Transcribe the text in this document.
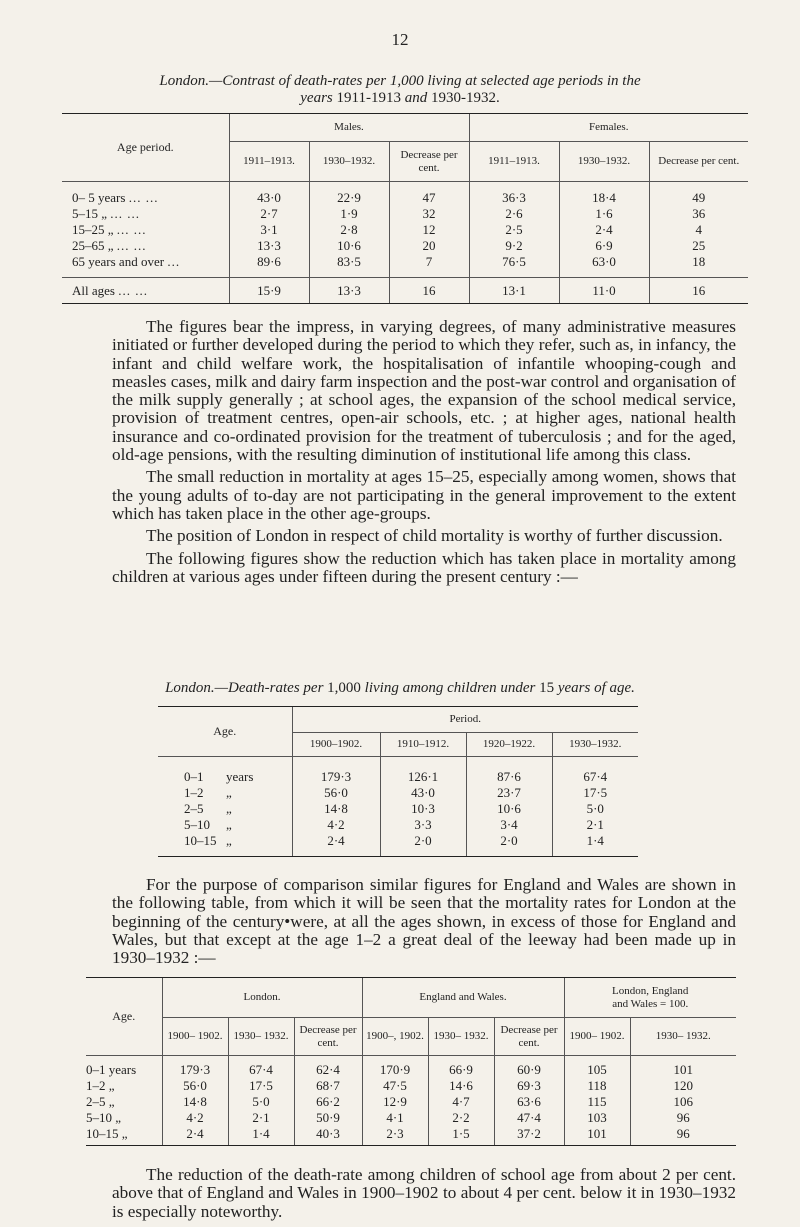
12
London.—Contrast of death-rates per 1,000 living at selected age periods in the
years 1911-1913 and 1930-1932.
Age period.	Males.			Females.		
	1911–1913.	1930–1932.	Decrease per cent.	1911–1913.	1930–1932.	Decrease per cent.

0– 5 years ... ...	43·0	22·9	47	36·3	18·4	49
5–15 „ ... ...	2·7	1·9	32	2·6	1·6	36
15–25 „ ... ...	3·1	2·8	12	2·5	2·4	4
25–65 „ ... ...	13·3	10·6	20	9·2	6·9	25
65 years and over ...	89·6	83·5	7	76·5	63·0	18

All ages ... ...	15·9	13·3	16	13·1	11·0	16

The figures bear the impress, in varying degrees, of many administrative measures initiated or further developed during the period to which they refer, such as, in infancy, the infant and child welfare work, the hospitalisation of infantile whooping-cough and measles cases, milk and dairy farm inspection and the post-war control and organisation of the milk supply generally ; at school ages, the expansion of the school medical service, provision of treatment centres, open-air schools, etc. ; at higher ages, national health insurance and co-ordinated provision for the treatment of tuberculosis ; and for the aged, old-age pensions, with the resulting diminution of institutional life among this class.

The small reduction in mortality at ages 15–25, especially among women, shows that the young adults of to-day are not participating in the general improvement to the extent which has taken place in the other age-groups.

The position of London in respect of child mortality is worthy of further discussion.

The following figures show the reduction which has taken place in mortality among children at various ages under fifteen during the present century :—

London.—Death-rates per 1,000 living among children under 15 years of age.
Age.	Period.			
	1900–1902.	1910–1912.	1920–1922.	1930–1932.

0–1 years	179·3	126·1	87·6	67·4
1–2 „	56·0	43·0	23·7	17·5
2–5 „	14·8	10·3	10·6	5·0
5–10 „	4·2	3·3	3·4	2·1
10–15 „	2·4	2·0	2·0	1·4

For the purpose of comparison similar figures for England and Wales are shown in the following table, from which it will be seen that the mortality rates for London at the beginning of the century•were, at all the ages shown, in excess of those for England and Wales, but that except at the age 1–2 a great deal of the leeway had been made up in 1930–1932 :—

Age.	London.			England and Wales.			London, England
and Wales = 100.	

	1900– 1902.	1930– 1932.	Decrease per cent.	1900–, 1902.	1930– 1932.	Decrease per cent.	1900– 1902.	1930– 1932.

0–1 years	179·3	67·4	62·4	170·9	66·9	60·9	105	101
1–2 „	56·0	17·5	68·7	47·5	14·6	69·3	118	120
2–5 „	14·8	5·0	66·2	12·9	4·7	63·6	115	106
5–10 „	4·2	2·1	50·9	4·1	2·2	47·4	103	96
10–15 „	2·4	1·4	40·3	2·3	1·5	37·2	101	96

The reduction of the death-rate among children of school age from about 2 per cent. above that of England and Wales in 1900–1902 to about 4 per cent. below it in 1930–1932 is especially noteworthy.
